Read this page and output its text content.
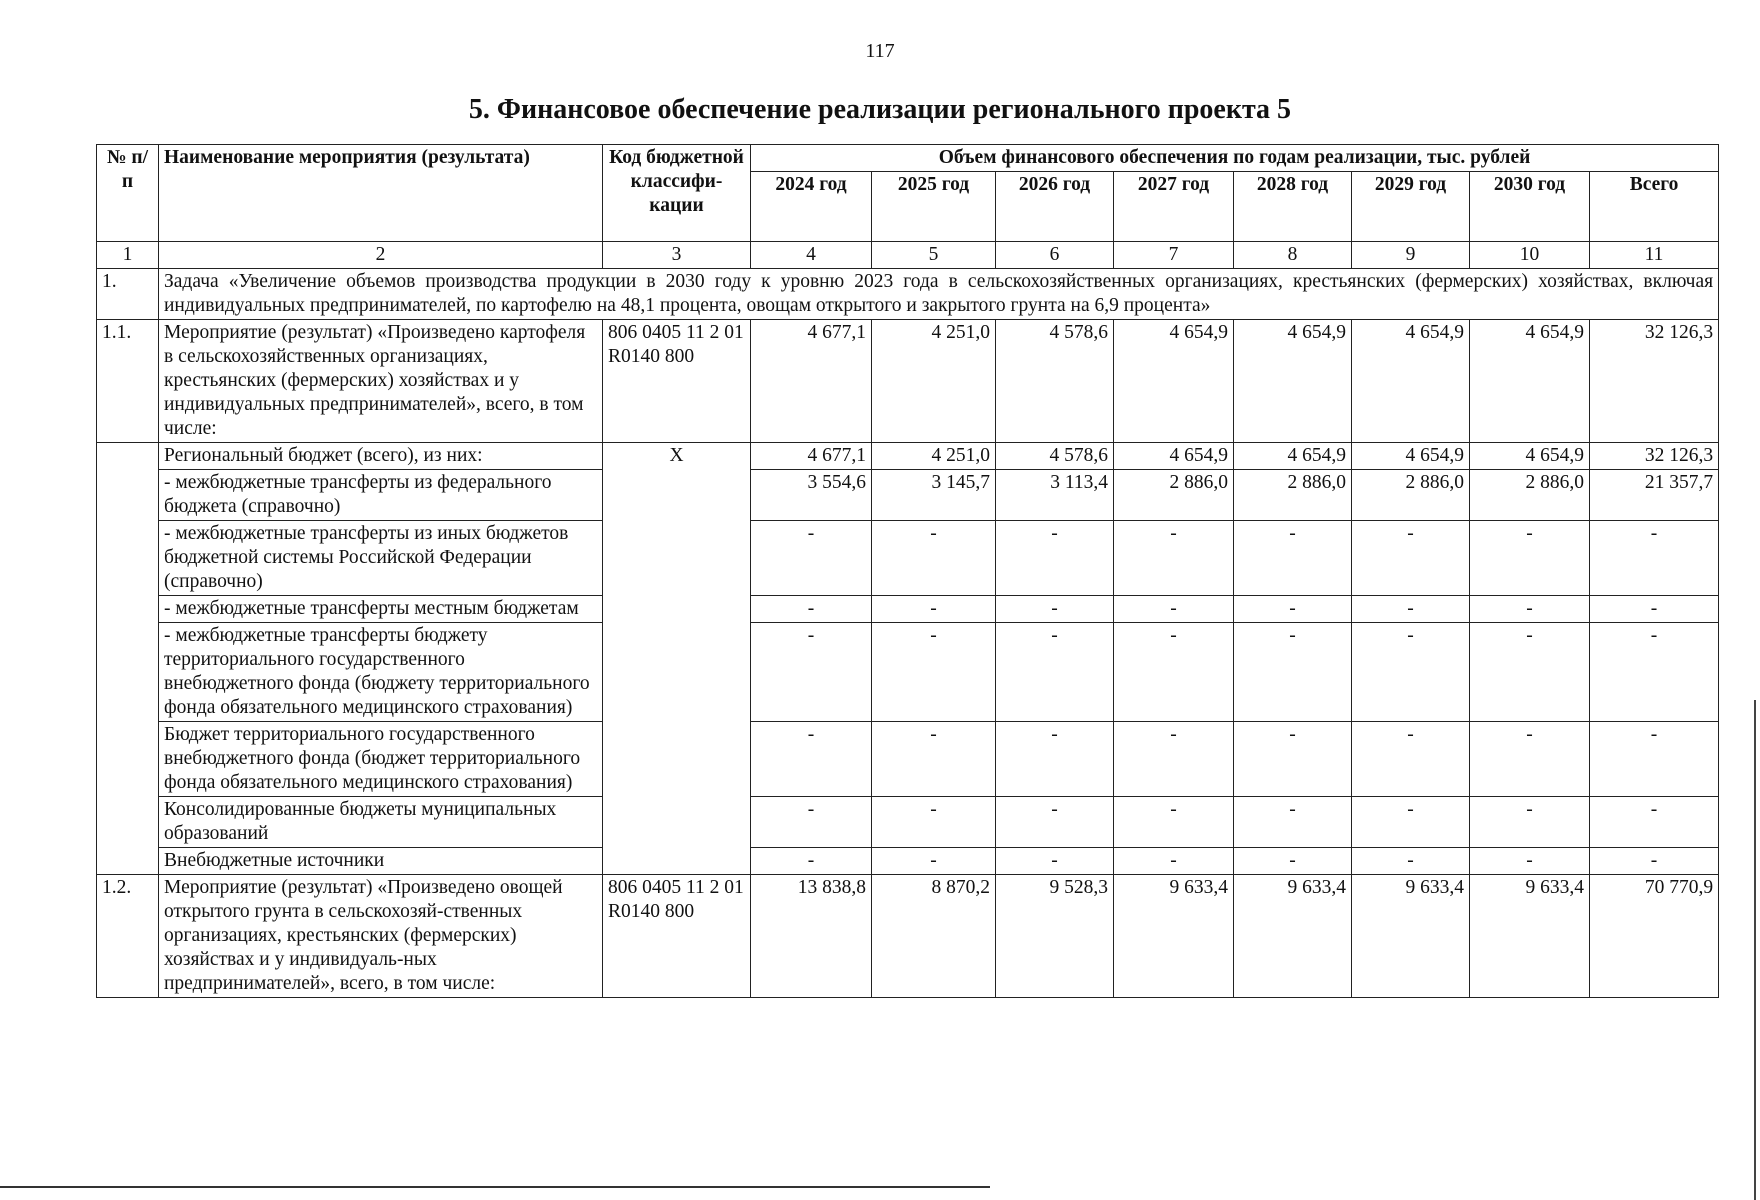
117
5. Финансовое обеспечение реализации регионального проекта 5
№ п/п	Наименование мероприятия (результата)	Код бюджетной классифи-кации	Объем финансового обеспечения по годам реализации, тыс. рублей							
			2024 год	2025 год	2026 год	2027 год	2028 год	2029 год	2030 год	Всего
1	2	3	4	5	6	7	8	9	10	11
1.	Задача «Увеличение объемов производства продукции в 2030 году к уровню 2023 года в сельскохозяйственных организациях, крестьянских (фермерских) хозяйствах, включая индивидуальных предпринимателей, по картофелю на 48,1 процента, овощам открытого и закрытого грунта на 6,9 процента»									
1.1.	Мероприятие (результат) «Произведено картофеля в сельскохозяйственных организациях, крестьянских (фермерских) хозяйствах и у индивидуальных предпринимателей», всего, в том числе:	806 0405 11 2 01 R0140 800	4 677,1	4 251,0	4 578,6	4 654,9	4 654,9	4 654,9	4 654,9	32 126,3
	Региональный бюджет (всего), из них:	Х	4 677,1	4 251,0	4 578,6	4 654,9	4 654,9	4 654,9	4 654,9	32 126,3
	- межбюджетные трансферты из федерального бюджета (справочно)		3 554,6	3 145,7	3 113,4	2 886,0	2 886,0	2 886,0	2 886,0	21 357,7
	- межбюджетные трансферты из иных бюджетов бюджетной системы Российской Федерации (справочно)		-	-	-	-	-	-	-	-
	- межбюджетные трансферты местным бюджетам		-	-	-	-	-	-	-	-
	- межбюджетные трансферты бюджету территориального государственного внебюджетного фонда (бюджету территориального фонда обязательного медицинского страхования)		-	-	-	-	-	-	-	-
	Бюджет территориального государственного внебюджетного фонда (бюджет территориального фонда обязательного медицинского страхования)		-	-	-	-	-	-	-	-
	Консолидированные бюджеты муниципальных образований		-	-	-	-	-	-	-	-
	Внебюджетные источники		-	-	-	-	-	-	-	-
1.2.	Мероприятие (результат) «Произведено овощей открытого грунта в сельскохозяй-ственных организациях, крестьянских (фермерских) хозяйствах и у индивидуаль-ных предпринимателей», всего, в том числе:	806 0405 11 2 01 R0140 800	13 838,8	8 870,2	9 528,3	9 633,4	9 633,4	9 633,4	9 633,4	70 770,9
